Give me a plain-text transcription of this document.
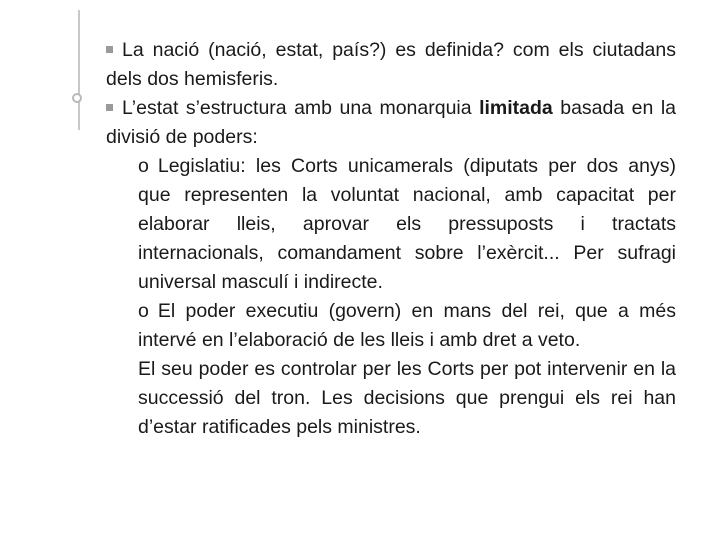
La nació (nació, estat, país?) es definida? com els ciutadans dels dos hemisferis.

L’estat s’estructura amb una monarquia limitada basada en la divisió de poders:

o Legislatiu: les Corts unicamerals (diputats per dos anys) que representen la voluntat nacional, amb capacitat per elaborar lleis, aprovar els pressuposts i tractats internacionals, comandament sobre l’exèrcit... Per sufragi universal masculí i indirecte.

o El poder executiu (govern) en mans del rei, que a més intervé en l’elaboració de les lleis i amb dret a veto.

El seu poder es controlar per les Corts per pot intervenir en la successió del tron. Les decisions que prengui els rei han d’estar ratificades pels ministres.
